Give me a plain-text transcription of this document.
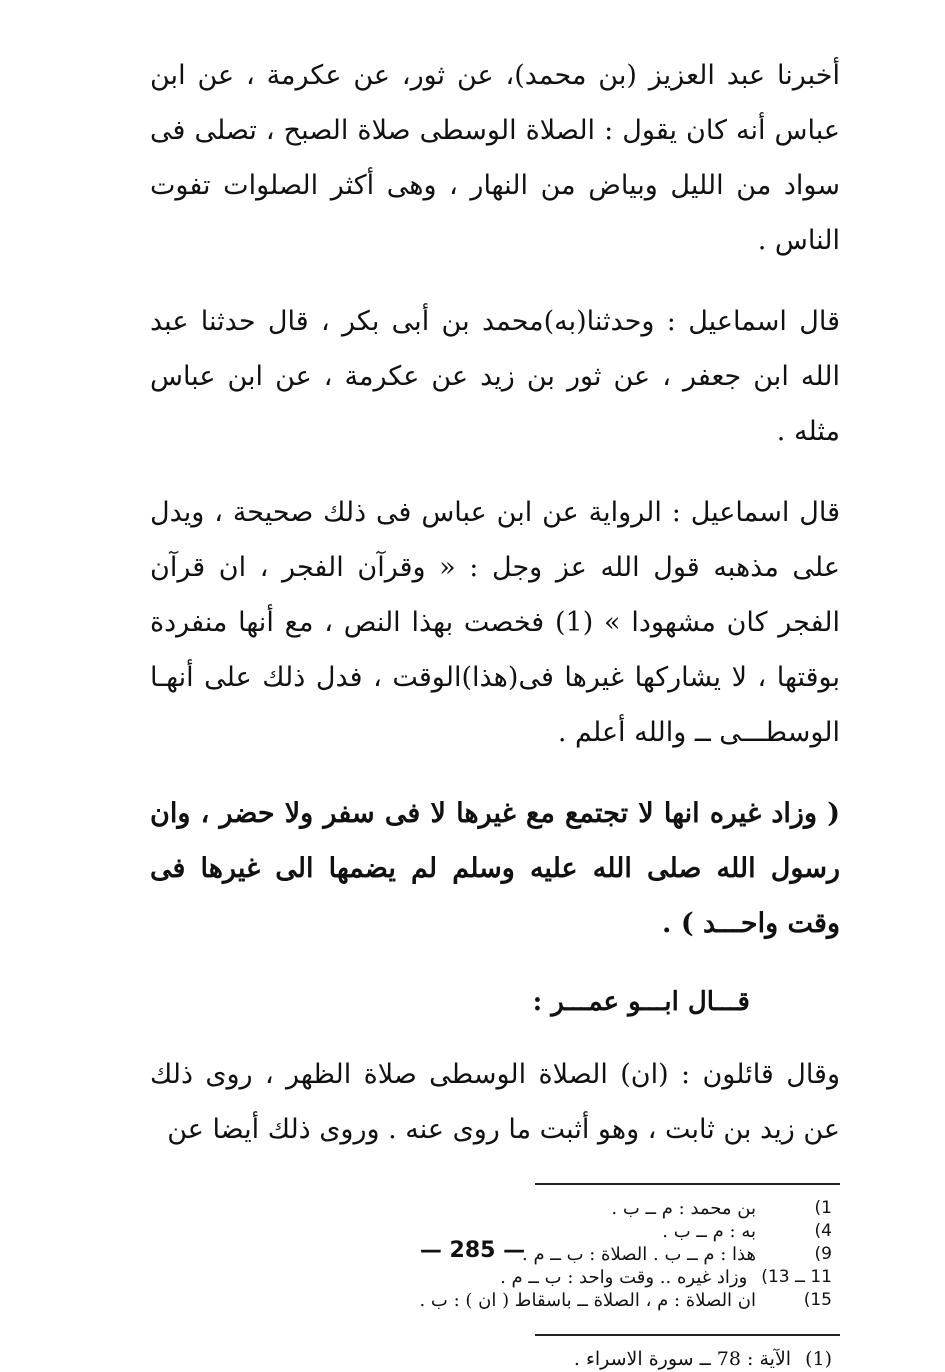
أخبرنا عبد العزيز (بن محمد)، عن ثور، عن عكرمة ، عن ابن عباس أنه كان يقول : الصلاة الوسطى صلاة الصبح ، تصلى فى سواد من الليل وبياض من النهار ، وهى أكثر الصلوات تفوت الناس .

قال اسماعيل : وحدثنا(به)محمد بن أبى بكر ، قال حدثنا عبد الله ابن جعفر ، عن ثور بن زيد عن عكرمة ، عن ابن عباس مثله .

قال اسماعيل : الرواية عن ابن عباس فى ذلك صحيحة ، ويدل على مذهبه قول الله عز وجل : « وقرآن الفجر ، ان قرآن الفجر كان مشهودا » (1) فخصت بهذا النص ، مع أنها منفردة بوقتها ، لا يشاركها غيرها فى(هذا)الوقت ، فدل ذلك على أنهـا الوسطـــى ــ والله أعلم .

( وزاد غيره انها لا تجتمع مع غيرها لا فى سفر ولا حضر ، وان رسول الله صلى الله عليه وسلم لم يضمها الى غيرها فى وقت واحـــد ) .

قـــال ابـــو عمـــر :

وقال قائلون : (ان) الصلاة الوسطى صلاة الظهر ، روى ذلك عن زيد بن ثابت ، وهو أثبت ما روى عنه . وروى ذلك أيضا عن

1)
بن محمد : م ــ ب .
4)
به : م ــ ب .
9)
هذا : م ــ ب . الصلاة : ب ــ م .
11 ــ 13)
وزاد غيره .. وقت واحد : ب ــ م .
15)
ان الصلاة : م ، الصلاة ــ باسقاط ( ان ) : ب .
(1)
الآية : 78 ــ سورة الاسراء .
— 285 —
